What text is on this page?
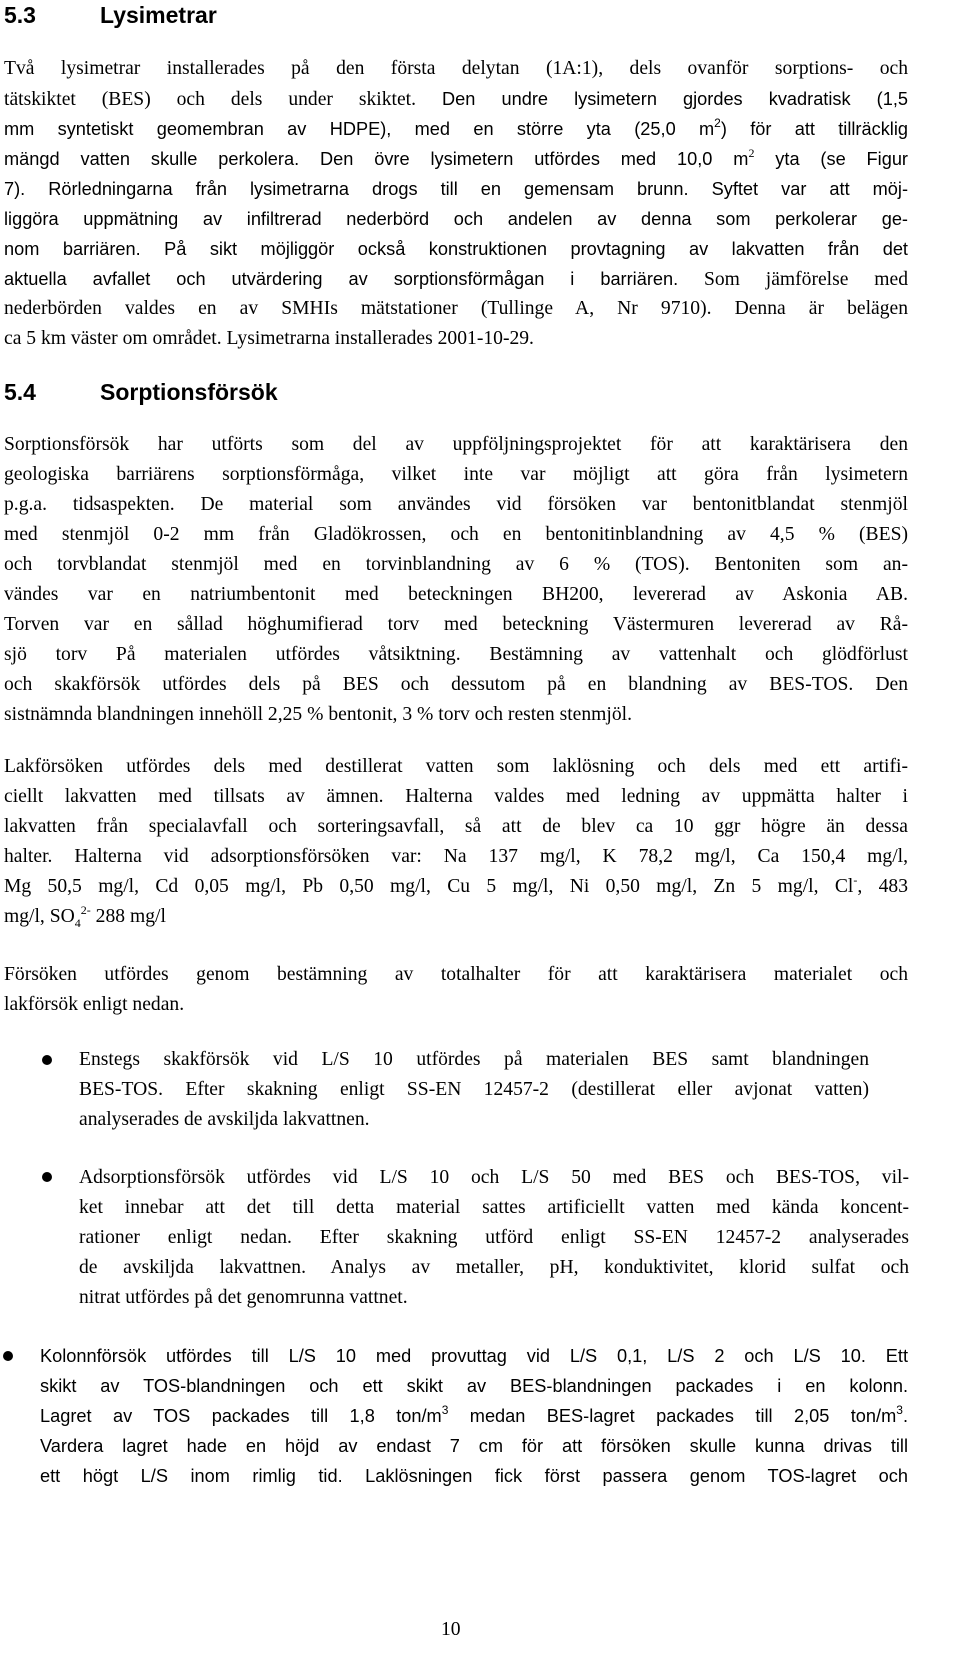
5.3	Lysimetrar
Två lysimetrar installerades på den första delytan (1A:1), dels ovanför sorptions- och
tätskiktet (BES) och dels under skiktet. Den undre lysimetern gjordes kvadratisk (1,5
mm syntetiskt geomembran av HDPE), med en större yta (25,0 $m^2$) för att tillräcklig
mängd vatten skulle perkolera. Den övre lysimetern utfördes med 10,0 $m^2$ yta (se Figur
7). Rörledningarna från lysimetrarna drogs till en gemensam brunn. Syftet var att möj-
liggöra uppmätning av infiltrerad nederbörd och andelen av denna som perkolerar ge-
nom barriären. På sikt möjliggör också konstruktionen provtagning av lakvatten från det
aktuella avfallet och utvärdering av sorptionsförmågan i barriären. Som jämförelse med
nederbörden valdes en av SMHIs mätstationer (Tullinge A, Nr 9710). Denna är belägen
ca 5 km väster om området. Lysimetrarna installerades 2001-10-29.
5.4	Sorptionsförsök
Sorptionsförsök har utförts som del av uppföljningsprojektet för att karaktärisera den
geologiska barriärens sorptionsförmåga, vilket inte var möjligt att göra från lysimetern
p.g.a. tidsaspekten. De material som användes vid försöken var bentonitblandat stenmjöl
med stenmjöl 0-2 mm från Gladökrossen, och en bentonitinblandning av 4,5 % (BES)
och torvblandat stenmjöl med en torvinblandning av 6 % (TOS). Bentoniten som an-
vändes var en natriumbentonit med beteckningen BH200, levererad av Askonia AB.
Torven var en sållad höghumifierad torv med beteckning Västermuren levererad av Rå-
sjö torv På materialen utfördes våtsiktning. Bestämning av vattenhalt och glödförlust
och skakförsök utfördes dels på BES och dessutom på en blandning av BES-TOS. Den
sistnämnda blandningen innehöll 2,25 % bentonit, 3 % torv och resten stenmjöl.
Lakförsöken utfördes dels med destillerat vatten som laklösning och dels med ett artifi-
ciellt lakvatten med tillsats av ämnen. Halterna valdes med ledning av uppmätta halter i
lakvatten från specialavfall och sorteringsavfall, så att de blev ca 10 ggr högre än dessa
halter. Halterna vid adsorptionsförsöken var: Na 137 mg/l, K 78,2 mg/l, Ca 150,4 mg/l,
Mg 50,5 mg/l, Cd 0,05 mg/l, Pb 0,50 mg/l, Cu 5 mg/l, Ni 0,50 mg/l, Zn 5 mg/l, Cl-, 483
mg/l, $SO_4^{2-}$ 288 mg/l
Försöken utfördes genom bestämning av totalhalter för att karaktärisera materialet och
lakförsök enligt nedan.
Enstegs skakförsök vid L/S 10 utfördes på materialen BES samt blandningen
BES-TOS. Efter skakning enligt SS-EN 12457-2 (destillerat eller avjonat vatten)
analyserades de avskiljda lakvattnen.
Adsorptionsförsök utfördes vid L/S 10 och L/S 50 med BES och BES-TOS, vil-
ket innebar att det till detta material sattes artificiellt vatten med kända koncent-
rationer enligt nedan. Efter skakning utförd enligt SS-EN 12457-2 analyserades
de avskiljda lakvattnen. Analys av metaller, pH, konduktivitet, klorid sulfat och
nitrat utfördes på det genomrunna vattnet.
Kolonnförsök utfördes till L/S 10 med provuttag vid L/S 0,1, L/S 2 och L/S 10. Ett
skikt av TOS-blandningen och ett skikt av BES-blandningen packades i en kolonn.
Lagret av TOS packades till 1,8 ton/$m^3$ medan BES-lagret packades till 2,05 ton/$m^3$.
Vardera lagret hade en höjd av endast 7 cm för att försöken skulle kunna drivas till
ett högt L/S inom rimlig tid. Laklösningen fick först passera genom TOS-lagret och
10
